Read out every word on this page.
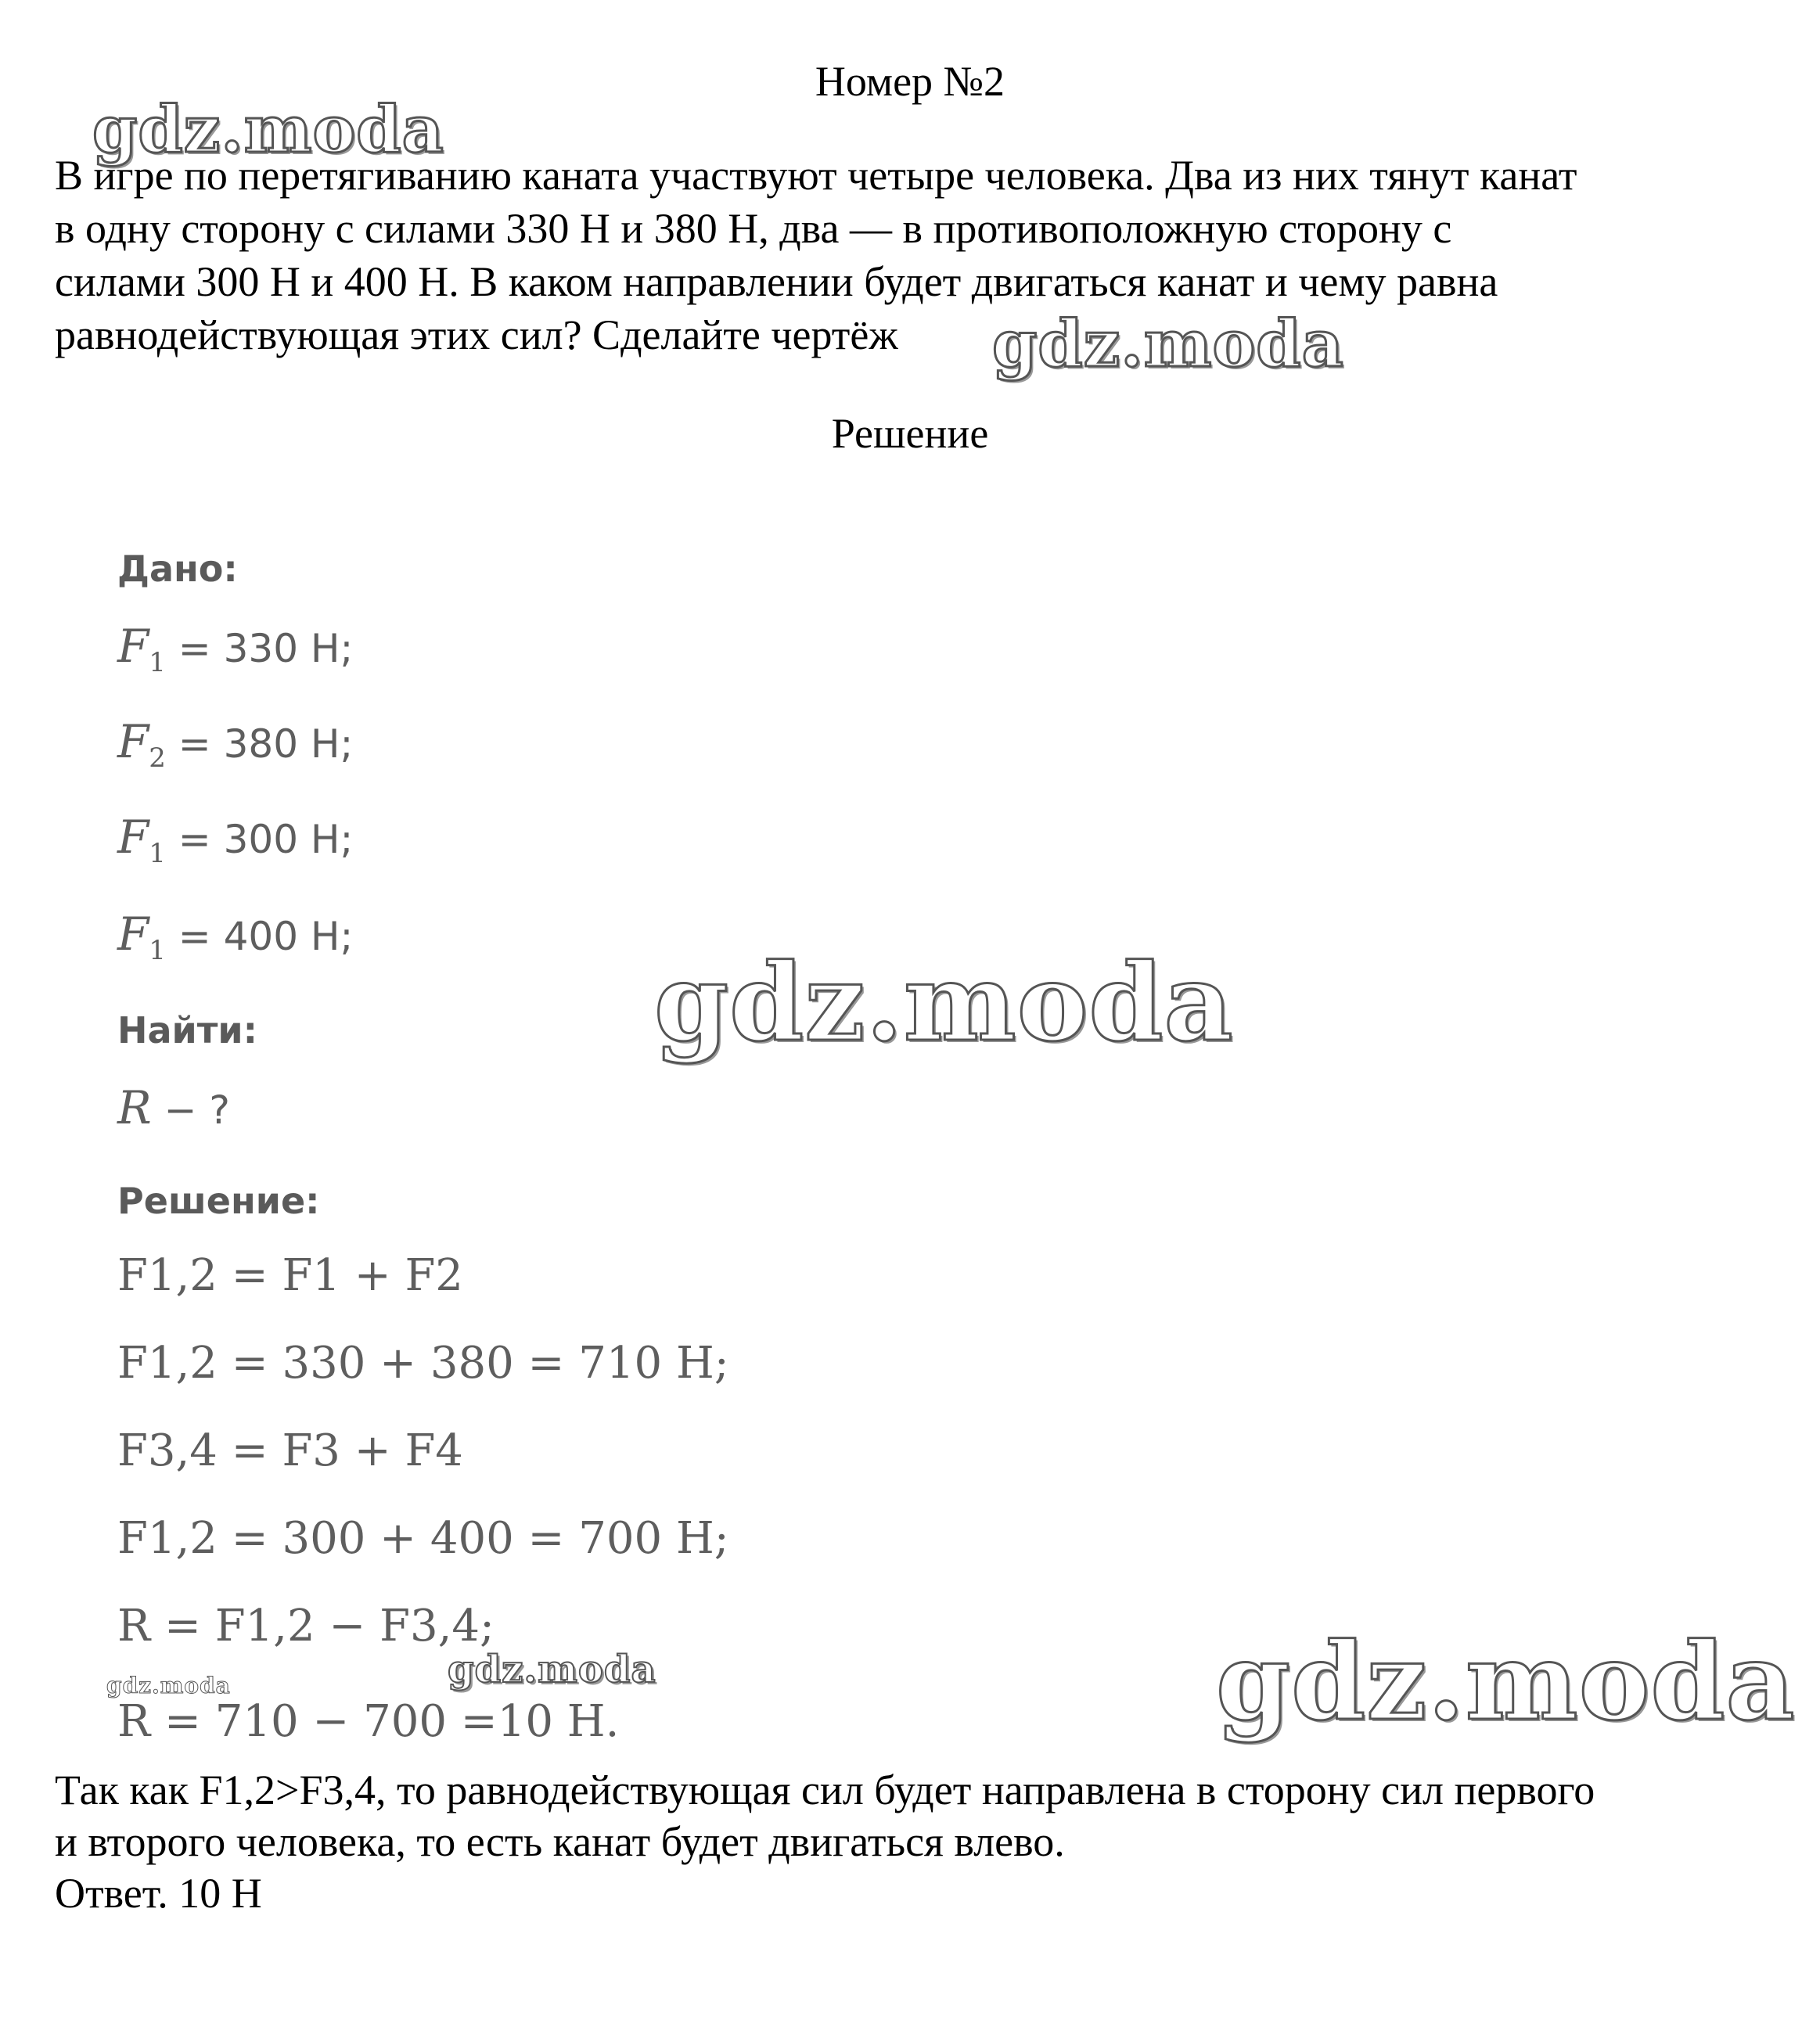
Номер №2

В игре по перетягиванию каната участвуют четыре человека. Два из них тянут канат
в одну сторону с силами 330 Н и 380 Н, два — в противоположную сторону с
силами 300 Н и 400 Н. В каком направлении будет двигаться канат и чему равна
равнодействующая этих сил? Сделайте чертёж

Решение
Дано:
$F_1 = 330$ Н;
$F_2 = 380$ Н;
$F_1 = 300$ Н;
$F_1 = 400$ Н;
Найти:
R − ?
Решение:
F1,2 = F1 + F2
F1,2 = 330 + 380 = 710 Н;
F3,4 = F3 + F4
F1,2 = 300 + 400 = 700 Н;
R = F1,2 − F3,4;
R = 710 − 700 =10 Н.

Так как F1,2>F3,4, то равнодействующая сил будет направлена в сторону сил первого
и второго человека, то есть канат будет двигаться влево.
Ответ. 10 Н

gdz.moda
gdz.moda
gdz.moda
gdz.moda
gdz.moda
gdz.moda
